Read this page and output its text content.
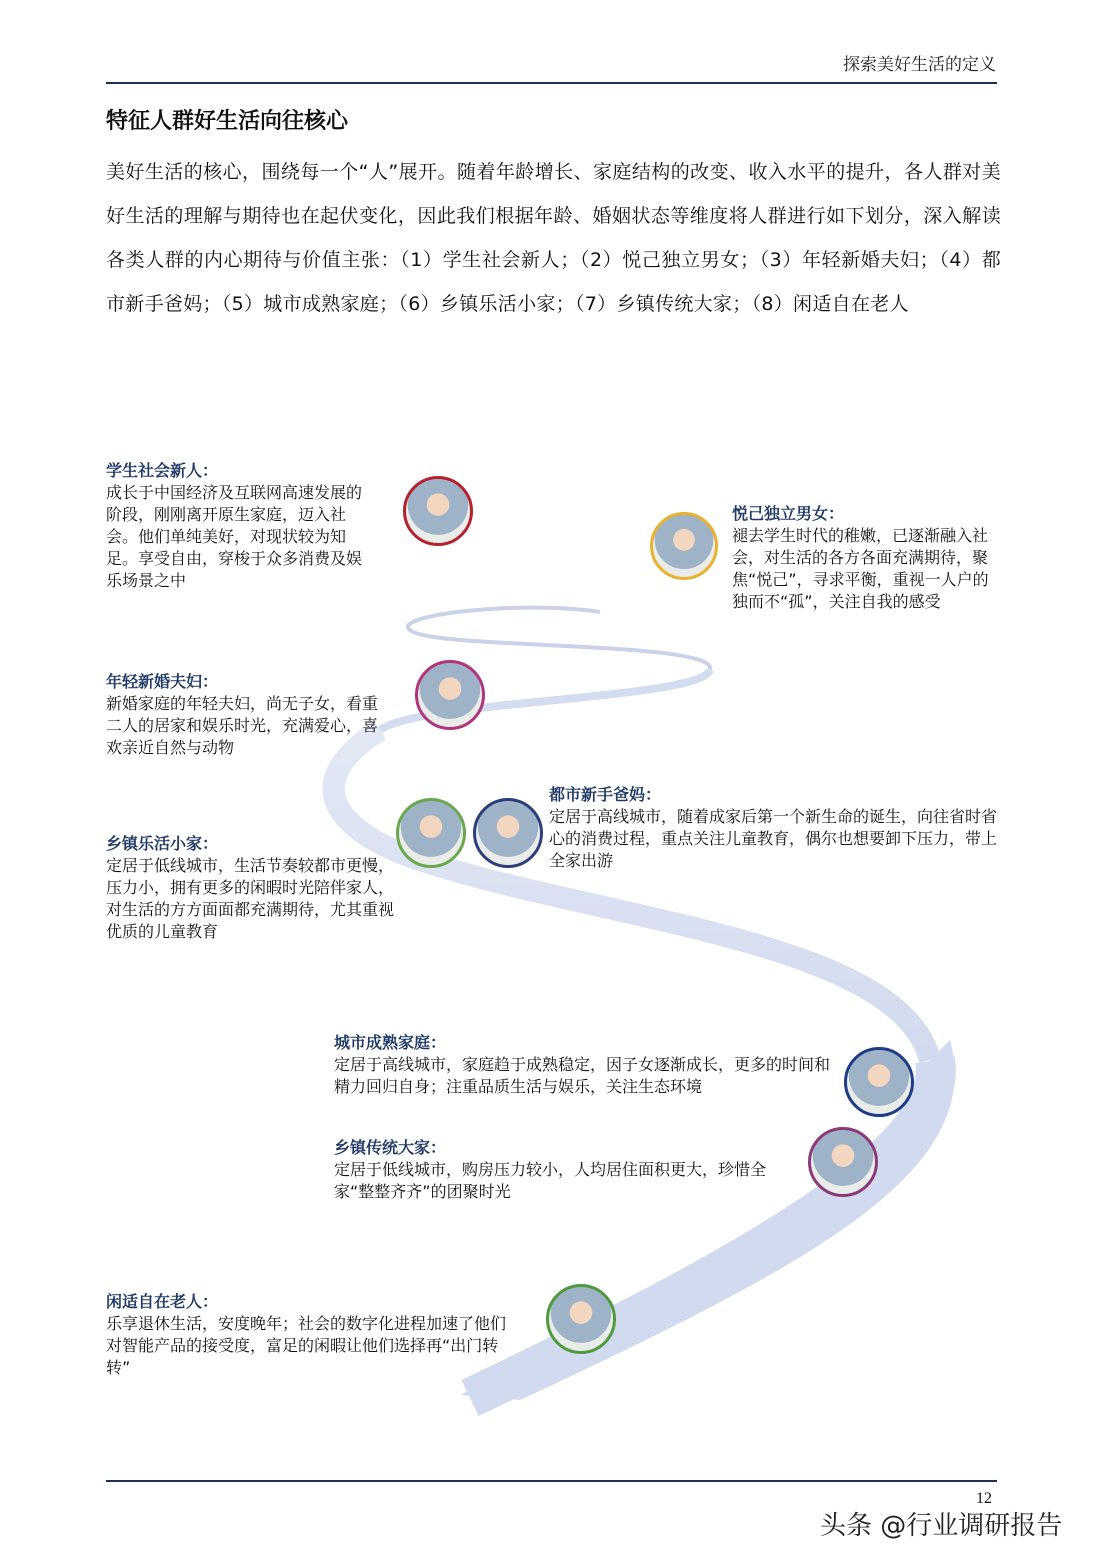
探索美好生活的定义
特征人群好生活向往核心
美好生活的核心，围绕每一个“人”展开。随着年龄增长、家庭结构的改变、收入水平的提升，各人群对美好生活的理解与期待也在起伏变化，因此我们根据年龄、婚姻状态等维度将人群进行如下划分，深入解读各类人群的内心期待与价值主张：（1）学生社会新人；（2）悦己独立男女；（3）年轻新婚夫妇；（4）都市新手爸妈；（5）城市成熟家庭；（6）乡镇乐活小家；（7）乡镇传统大家；（8）闲适自在老人
学生社会新人：
成长于中国经济及互联网高速发展的阶段，刚刚离开原生家庭，迈入社会。他们单纯美好，对现状较为知足。享受自由，穿梭于众多消费及娱乐场景之中
悦己独立男女：
褪去学生时代的稚嫩，已逐渐融入社会，对生活的各方各面充满期待，聚焦“悦己”，寻求平衡，重视一人户的独而不“孤”，关注自我的感受
年轻新婚夫妇：
新婚家庭的年轻夫妇，尚无子女，看重二人的居家和娱乐时光，充满爱心，喜欢亲近自然与动物
都市新手爸妈：
定居于高线城市，随着成家后第一个新生命的诞生，向往省时省心的消费过程，重点关注儿童教育，偶尔也想要卸下压力，带上全家出游
乡镇乐活小家：
定居于低线城市，生活节奏较都市更慢，压力小，拥有更多的闲暇时光陪伴家人，对生活的方方面面都充满期待，尤其重视优质的儿童教育
城市成熟家庭：
定居于高线城市，家庭趋于成熟稳定，因子女逐渐成长，更多的时间和精力回归自身；注重品质生活与娱乐，关注生态环境
乡镇传统大家：
定居于低线城市，购房压力较小，人均居住面积更大，珍惜全家“整整齐齐”的团聚时光
闲适自在老人：
乐享退休生活，安度晚年；社会的数字化进程加速了他们对智能产品的接受度，富足的闲暇让他们选择再“出门转转”
12
头条 @行业调研报告
